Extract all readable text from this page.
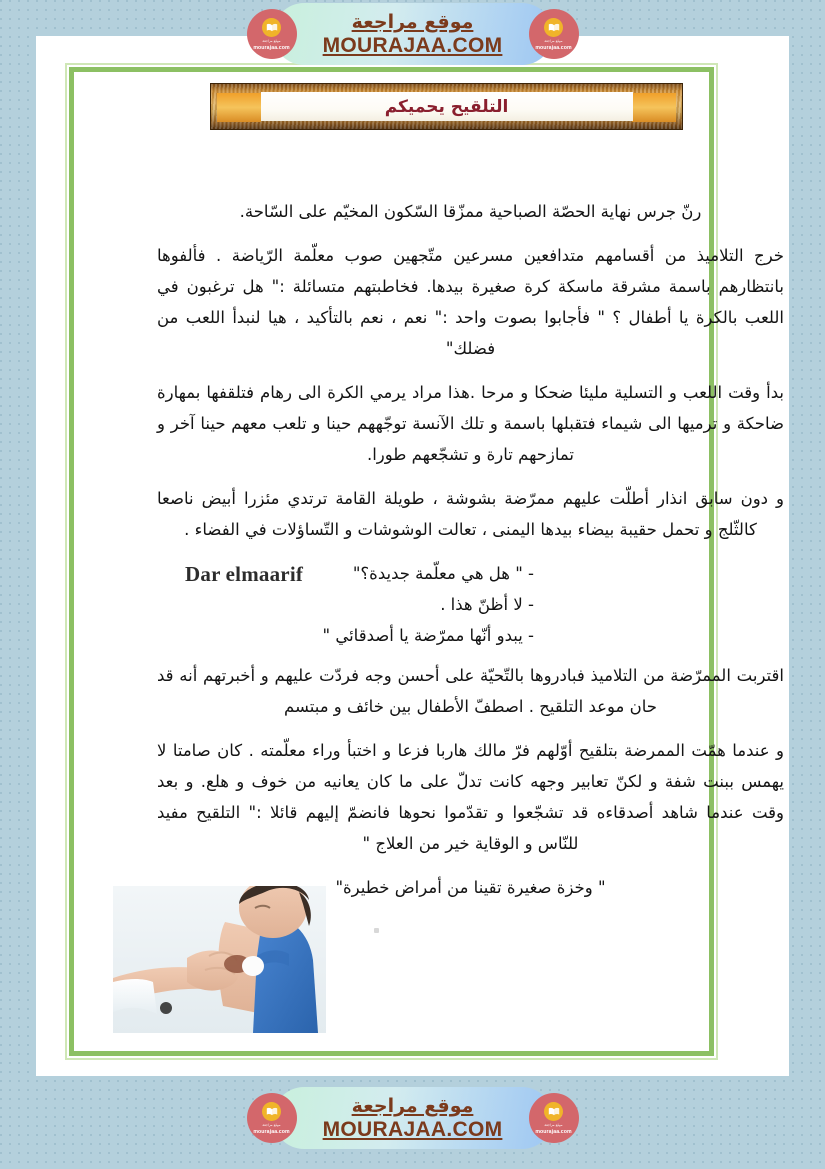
التلقيح يحميكم

رنّ جرس نهاية الحصّة الصباحية ممزّقا السّكون المخيّم على السّاحة.

خرج التلاميذ من أقسامهم متدافعين مسرعين متّجهين صوب معلّمة الرّياضة . فألفوها بانتظارهم باسمة مشرقة ماسكة كرة صغيرة بيدها. فخاطبتهم متسائلة :" هل ترغبون في اللعب بالكرة يا أطفال ؟ " فأجابوا بصوت واحد :" نعم ، نعم بالتأكيد ، هيا لنبدأ اللعب من فضلك"

بدأ وقت اللعب و التسلية مليئا ضحكا و مرحا .هذا مراد يرمي الكرة الى رهام فتلقفها بمهارة ضاحكة و ترميها الى شيماء فتقبلها باسمة و تلك الآنسة توجّههم حينا و تلعب معهم حينا آخر و تمازحهم تارة و تشجّعهم طورا.

و دون سابق انذار أطلّت عليهم ممرّضة بشوشة ، طويلة القامة ترتدي مئزرا أبيض ناصعا كالثّلج و تحمل حقيبة بيضاء بيدها اليمنى ، تعالت الوشوشات و التّساؤلات في الفضاء .

Dar elmaarif	- " هل هي معلّمة جديدة؟"
- لا أظنّ هذا .
- يبدو أنّها ممرّضة يا أصدقائي "

اقتربت الممرّضة من التلاميذ فبادروها بالتّحيّة على أحسن وجه فردّت عليهم و أخبرتهم أنه قد حان موعد التلقيح . اصطفّ الأطفال بين خائف و مبتسم

و عندما همّت الممرضة بتلقيح أوّلهم فرّ مالك هاربا فزعا و اختبأ وراء معلّمته . كان صامتا لا يهمس ببنت شفة و لكنّ تعابير وجهه كانت تدلّ على ما كان يعانيه من خوف و هلع. و بعد وقت عندما شاهد أصدقاءه قد تشجّعوا و تقدّموا نحوها فانضمّ إليهم قائلا :" التلقيح مفيد للنّاس و الوقاية خير من العلاج "

" وخزة صغيرة تقينا من أمراض خطيرة"

موقع مراجعة
mourajaa.com
موقع مراجعة
MOURAJAA.COM	موقع مراجعة
mourajaa.com
موقع مراجعة
mourajaa.com
موقع مراجعة
MOURAJAA.COM	موقع مراجعة
mourajaa.com
